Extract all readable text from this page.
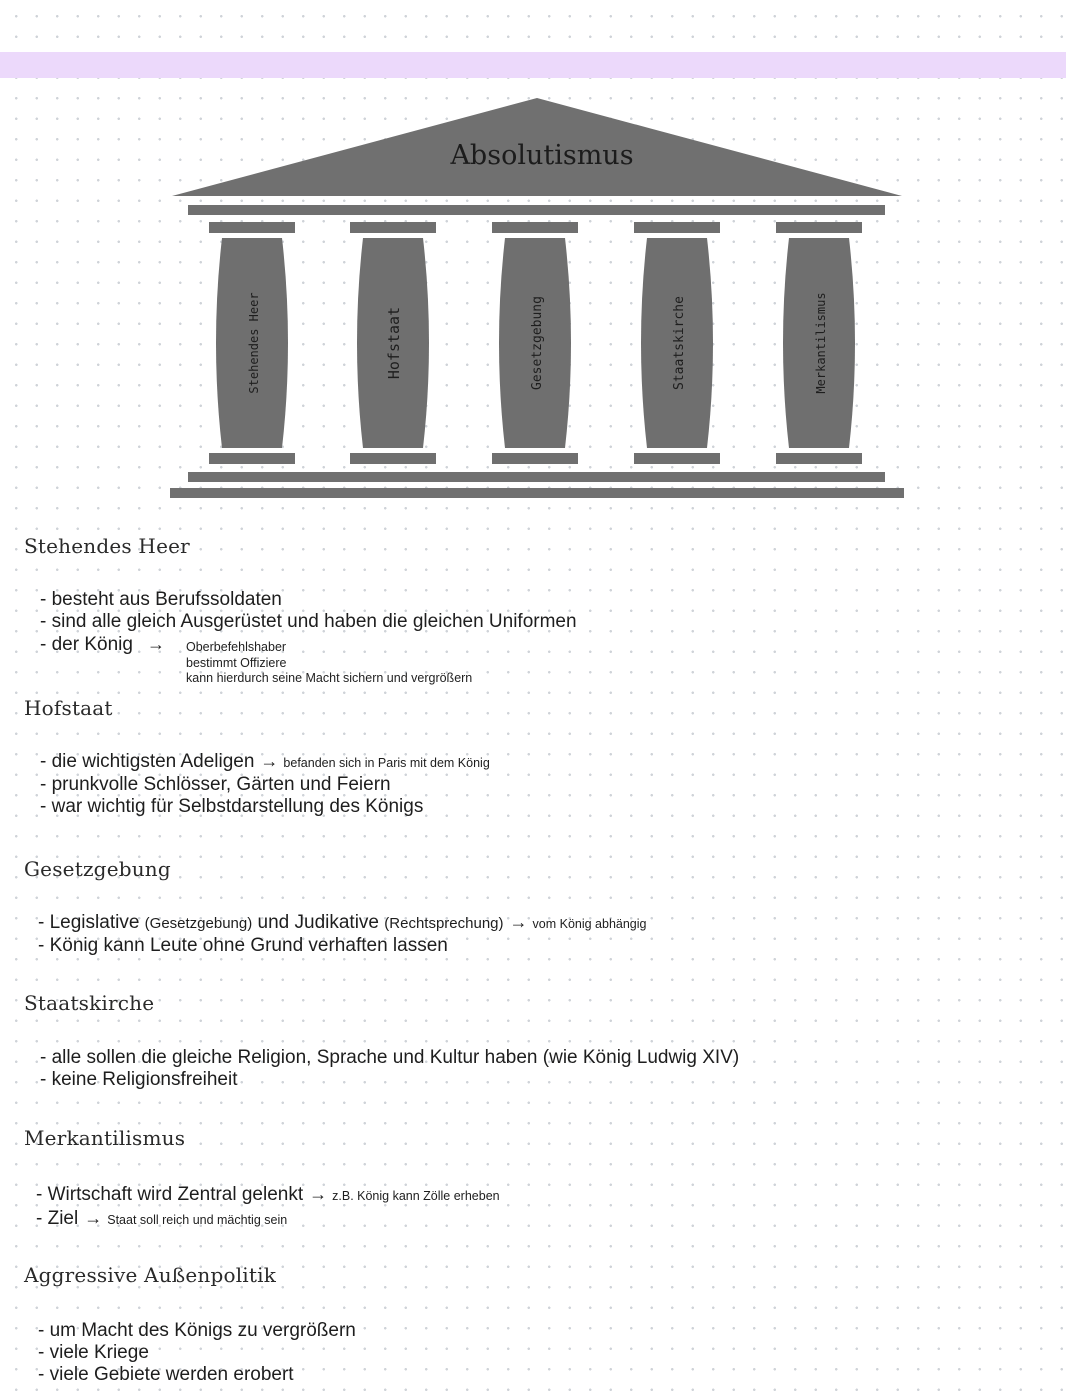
Absolutismus
Stehendes Heer	Hofstaat	Gesetzgebung	Staatskirche	Merkantilismus
Stehendes Heer
- besteht aus Berufssoldaten
- sind alle gleich Ausgerüstet und haben die gleichen Uniformen
- der König →	Oberbefehlshaber
bestimmt Offiziere
kann hierdurch seine Macht sichern und vergrößern
Hofstaat
- die wichtigsten Adeligen → befanden sich in Paris mit dem König
- prunkvolle Schlösser, Gärten und Feiern
- war wichtig für Selbstdarstellung des Königs
Gesetzgebung
- Legislative (Gesetzgebung) und Judikative (Rechtsprechung) → vom König abhängig
- König kann Leute ohne Grund verhaften lassen
Staatskirche
- alle sollen die gleiche Religion, Sprache und Kultur haben (wie König Ludwig XIV)
- keine Religionsfreiheit
Merkantilismus
- Wirtschaft wird Zentral gelenkt → z.B. König kann Zölle erheben
- Ziel → Staat soll reich und mächtig sein
Aggressive Außenpolitik
- um Macht des Königs zu vergrößern
- viele Kriege
- viele Gebiete werden erobert
